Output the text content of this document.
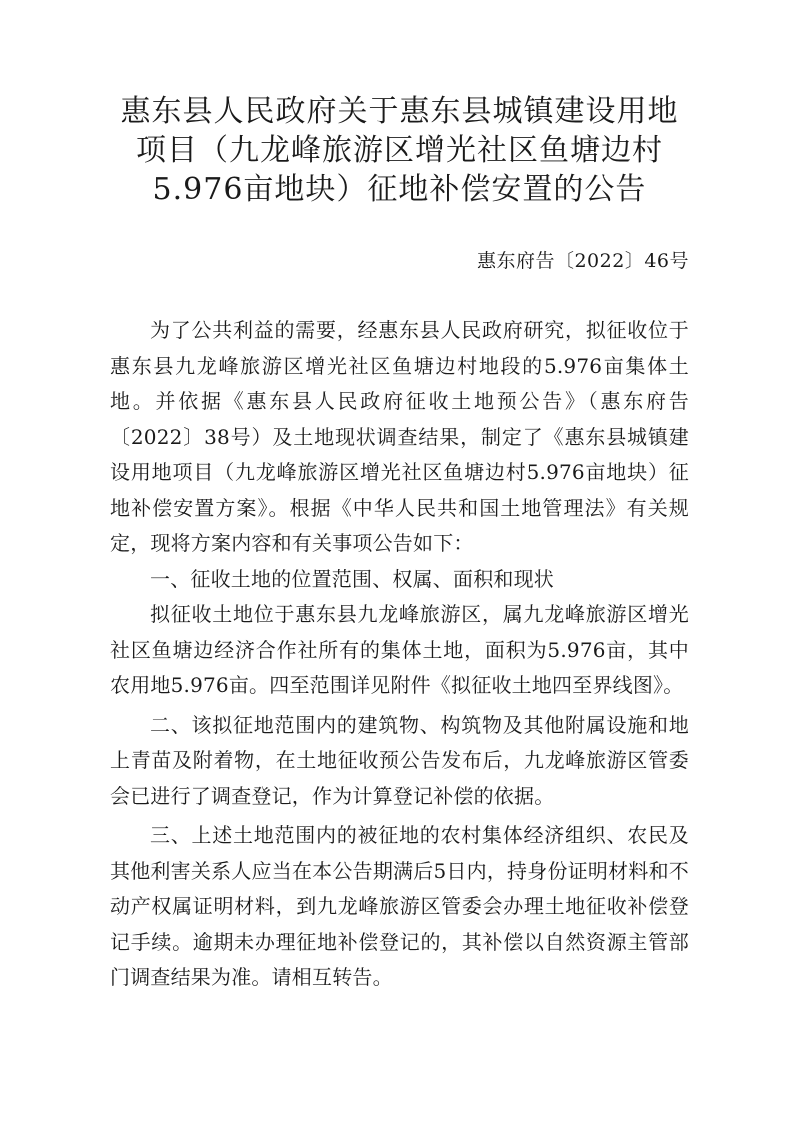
惠东县人民政府关于惠东县城镇建设用地
项目（九龙峰旅游区增光社区鱼塘边村
5.976亩地块）征地补偿安置的公告
惠东府告〔2022〕46号

为了公共利益的需要，经惠东县人民政府研究，拟征收位于惠东县九龙峰旅游区增光社区鱼塘边村地段的5.976亩集体土地。并依据《惠东县人民政府征收土地预公告》（惠东府告〔2022〕38号）及土地现状调查结果，制定了《惠东县城镇建设用地项目（九龙峰旅游区增光社区鱼塘边村5.976亩地块）征地补偿安置方案》。根据《中华人民共和国土地管理法》有关规定，现将方案内容和有关事项公告如下：

一、征收土地的位置范围、权属、面积和现状

拟征收土地位于惠东县九龙峰旅游区，属九龙峰旅游区增光社区鱼塘边经济合作社所有的集体土地，面积为5.976亩，其中农用地5.976亩。四至范围详见附件《拟征收土地四至界线图》。

二、该拟征地范围内的建筑物、构筑物及其他附属设施和地上青苗及附着物，在土地征收预公告发布后，九龙峰旅游区管委会已进行了调查登记，作为计算登记补偿的依据。

三、上述土地范围内的被征地的农村集体经济组织、农民及其他利害关系人应当在本公告期满后5日内，持身份证明材料和不动产权属证明材料，到九龙峰旅游区管委会办理土地征收补偿登记手续。逾期未办理征地补偿登记的，其补偿以自然资源主管部门调查结果为准。请相互转告。
